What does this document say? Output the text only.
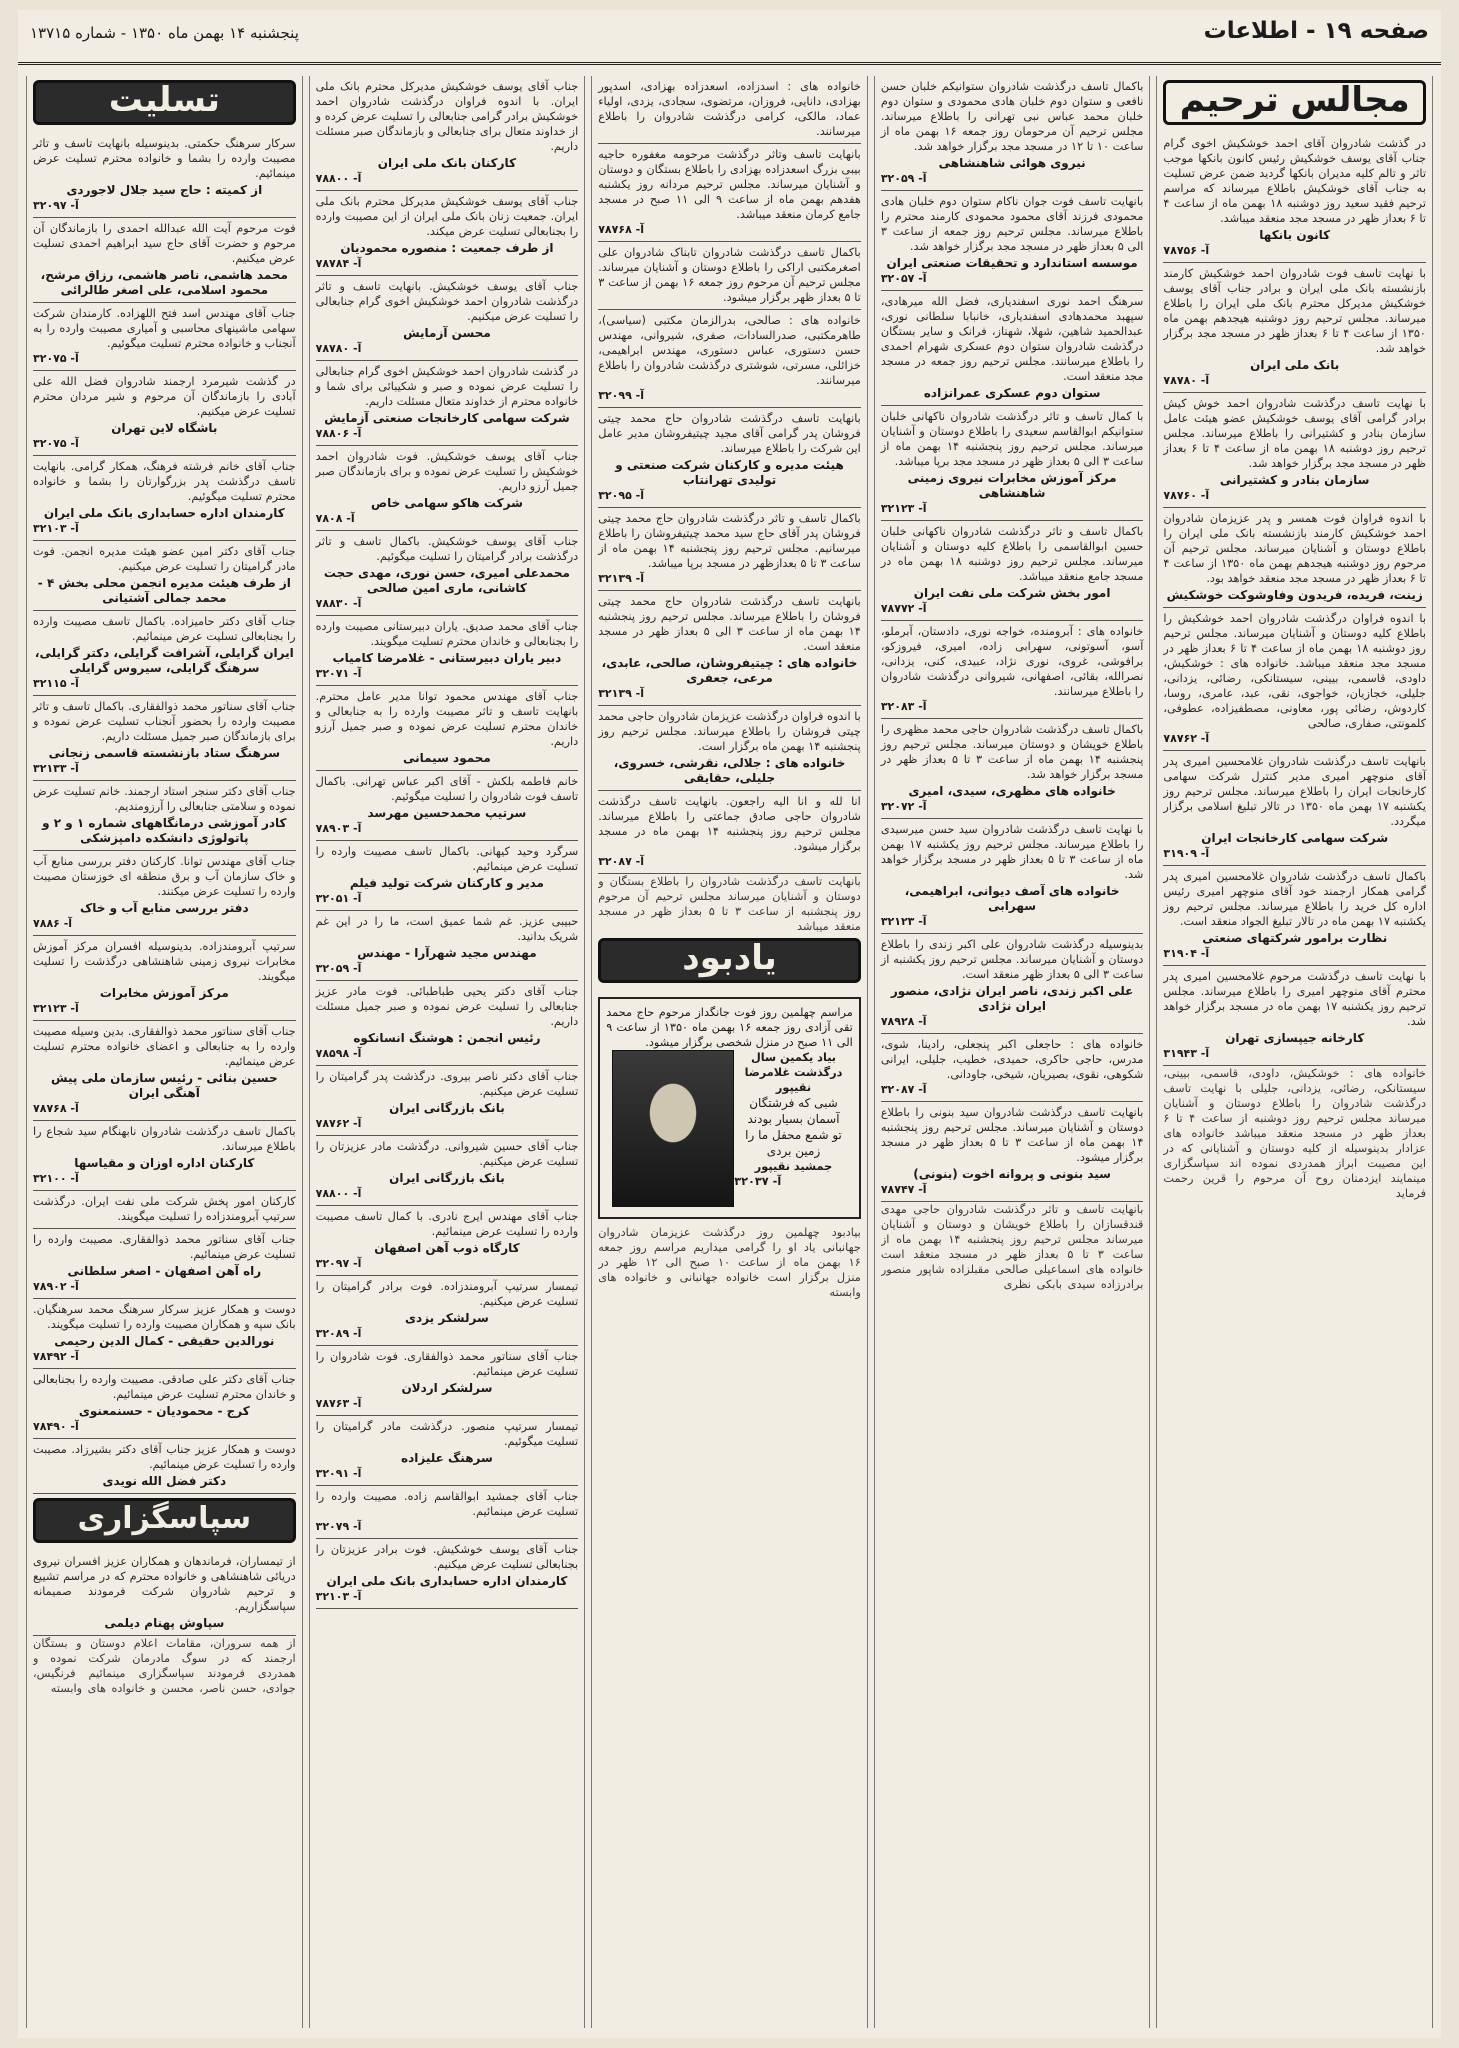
صفحه ۱۹ - اطلاعات
پنجشنبه ۱۴ بهمن ماه ۱۳۵۰ - شماره ۱۳۷۱۵
مجالس ترحیم
در گذشت شادروان آقای احمد خوشکیش اخوی گرام جناب آقای یوسف خوشکیش رئیس کانون بانکها موجب تاثر و تالم کلیه مدیران بانکها گردید ضمن عرض تسلیت به جناب آقای خوشکیش باطلاع میرساند که مراسم ترحیم فقید سعید روز دوشنبه ۱۸ بهمن ماه از ساعت ۴ تا ۶ بعداز ظهر در مسجد مجد منعقد میباشد.
کانون بانکها
۷۸۷۵۶ -آ
با نهایت تاسف فوت شادروان احمد خوشکیش کارمند بازنشسته بانک ملی ایران و برادر جناب آقای یوسف خوشکیش مدیرکل محترم بانک ملی ایران را باطلاع میرساند. مجلس ترحیم روز دوشنبه هیجدهم بهمن ماه ۱۳۵۰ از ساعت ۴ تا ۶ بعداز ظهر در مسجد مجد برگزار خواهد شد.
بانک ملی ایران
۷۸۷۸۰ -آ
با نهایت تاسف درگذشت شادروان احمد خوش کیش برادر گرامی آقای یوسف خوشکیش عضو هیئت عامل سازمان بنادر و کشتیرانی را باطلاع میرساند. مجلس ترحیم روز دوشنبه ۱۸ بهمن ماه از ساعت ۴ تا ۶ بعداز ظهر در مسجد مجد برگزار خواهد شد.
سازمان بنادر و کشتیرانی
۷۸۷۶۰ -آ
با اندوه فراوان فوت همسر و پدر عزیزمان شادروان احمد خوشکیش کارمند بازنشسته بانک ملی ایران را باطلاع دوستان و آشنایان میرساند. مجلس ترحیم آن مرحوم روز دوشنبه هیجدهم بهمن ماه ۱۳۵۰ از ساعت ۴ تا ۶ بعداز ظهر در مسجد مجد منعقد خواهد بود.
زینت، فریده، فریدون وفاوشوکت خوشکیش
با اندوه فراوان درگذشت شادروان احمد خوشکیش را باطلاع کلیه دوستان و آشنایان میرساند. مجلس ترحیم روز دوشنبه ۱۸ بهمن ماه از ساعت ۴ تا ۶ بعداز ظهر در مسجد مجد منعقد میباشد. خانواده های : خوشکیش، داودی، قاسمی، بیینی، سیستانکی، رضائی، یزدانی، جلیلی، خجازیان، خواجوی، نقی، عبد، عامری، روسا، کاردوش، رضائی پور، معاونی، مصطفیزاده، عطوفی، کلمونتی، صفاری، صالحی
۷۸۷۶۲ -آ
بانهایت تاسف درگذشت شادروان غلامحسین امیری پدر آقای منوچهر امیری مدیر کنترل شرکت سهامی کارخانجات ایران را باطلاع میرساند. مجلس ترحیم روز یکشنبه ۱۷ بهمن ماه ۱۳۵۰ در تالار تبلیغ اسلامی برگزار میگردد.
شرکت سهامی کارخانجات ایران
۳۱۹۰۹ -آ
باکمال تاسف درگذشت شادروان غلامحسین امیری پدر گرامی همکار ارجمند خود آقای منوچهر امیری رئیس اداره کل خرید را باطلاع میرساند. مجلس ترحیم روز یکشنبه ۱۷ بهمن ماه در تالار تبلیغ الجواد منعقد است.
نظارت برامور شرکتهای صنعتی
۳۱۹۰۴ -آ
با نهایت تاسف درگذشت مرحوم غلامحسین امیری پدر محترم آقای منوچهر امیری را باطلاع میرساند. مجلس ترحیم روز یکشنبه ۱۷ بهمن ماه در مسجد برگزار خواهد شد.
کارخانه جیپسازی تهران
۳۱۹۴۳ -آ
خانواده های : خوشکیش، داودی، قاسمی، بیینی، سیستانکی، رضائی، یزدانی، جلیلی با نهایت تاسف درگذشت شادروان را باطلاع دوستان و آشنایان میرساند مجلس ترحیم روز دوشنبه از ساعت ۴ تا ۶ بعداز ظهر در مسجد منعقد میباشد خانواده های عزادار بدینوسیله از کلیه دوستان و آشنایانی که در این مصیبت ابراز همدردی نموده اند سپاسگزاری مینمایند ایزدمنان روح آن مرحوم را قرین رحمت فرماید
باکمال تاسف درگذشت شادروان ستوانیکم خلبان حسن نافعی و ستوان دوم خلبان هادی محمودی و ستوان دوم خلبان محمد عباس نبی تهرانی را باطلاع میرساند. مجلس ترحیم آن مرحومان روز جمعه ۱۶ بهمن ماه از ساعت ۱۰ تا ۱۲ در مسجد مجد برگزار خواهد شد.
نیروی هوائی شاهنشاهی
۳۲۰۵۹ -آ
بانهایت تاسف فوت جوان ناکام ستوان دوم خلبان هادی محمودی فرزند آقای محمود محمودی کارمند محترم را باطلاع میرساند. مجلس ترحیم روز جمعه از ساعت ۳ الی ۵ بعداز ظهر در مسجد مجد برگزار خواهد شد.
موسسه استاندارد و تحقیقات صنعتی ایران
۳۲۰۵۷ -آ
سرهنگ احمد نوری اسفندیاری، فضل الله میرهادی، سپهبد محمدهادی اسفندیاری، خانبابا سلطانی نوری، عبدالحمید شاهین، شهلا، شهناز، فرانک و سایر بستگان درگذشت شادروان ستوان دوم عسکری شهرام احمدی را باطلاع میرسانند. مجلس ترحیم روز جمعه در مسجد مجد منعقد است.
ستوان دوم عسکری عمرانزاده
با کمال تاسف و تاثر درگذشت شادروان ناکهانی خلبان ستوانیکم ابوالقاسم سعیدی را باطلاع دوستان و آشنایان میرساند. مجلس ترحیم روز پنجشنبه ۱۴ بهمن ماه از ساعت ۳ الی ۵ بعداز ظهر در مسجد مجد برپا میباشد.
مرکز آموزش مخابرات نیروی زمینی شاهنشاهی
۳۲۱۲۳ -آ
باکمال تاسف و تاثر درگذشت شادروان ناکهانی خلبان حسین ابوالقاسمی را باطلاع کلیه دوستان و آشنایان میرساند. مجلس ترحیم روز دوشنبه ۱۸ بهمن ماه در مسجد جامع منعقد میباشد.
امور بخش شرکت ملی نفت ایران
۷۸۷۷۲ -آ
خانواده های : آبرومنده، خواجه نوری، دادستان، آبرملو، آسو، آسوتونی، سهرابی زاده، امیری، فیروزکو، برافوشی، غروی، نوری نژاد، عبیدی، کنی، یزدانی، نصرالله، بقائی، اصفهانی، شیروانی درگذشت شادروان را باطلاع میرسانند.
۳۲۰۸۳ -آ
باکمال تاسف درگذشت شادروان حاجی محمد مظهری را باطلاع خویشان و دوستان میرساند. مجلس ترحیم روز پنجشنبه ۱۴ بهمن ماه از ساعت ۳ تا ۵ بعداز ظهر در مسجد برگزار خواهد شد.
خانواده های مظهری، سیدی، امیری
۳۲۰۷۲ -آ
با نهایت تاسف درگذشت شادروان سید حسن میرسیدی را باطلاع میرساند. مجلس ترحیم روز یکشنبه ۱۷ بهمن ماه از ساعت ۳ تا ۵ بعداز ظهر در مسجد برگزار خواهد شد.
خانواده های آصف دیوانی، ابراهیمی، سهرابی
۳۲۱۲۳ -آ
بدینوسیله درگذشت شادروان علی اکبر زندی را باطلاع دوستان و آشنایان میرساند. مجلس ترحیم روز یکشنبه از ساعت ۳ الی ۵ بعداز ظهر منعقد است.
علی اکبر زندی، ناصر ایران نژادی، منصور ایران نژادی
۷۸۹۲۸ -آ
خانواده های : حاجعلی اکبر پنجعلی، رادینا، شوی، مدرس، حاجی حاکری، حمیدی، خطیب، جلیلی، ایرانی شکوهی، نقوی، بصیریان، شیخی، جاودانی.
۳۲۰۸۷ -آ
بانهایت تاسف درگذشت شادروان سید بنونی را باطلاع دوستان و آشنایان میرساند. مجلس ترحیم روز پنجشنبه ۱۴ بهمن ماه از ساعت ۳ تا ۵ بعداز ظهر در مسجد برگزار میشود.
سید بنونی و پروانه اخوت (بنونی)
۷۸۷۴۷ -آ
بانهایت تاسف و تاثر درگذشت شادروان حاجی مهدی قندقسازان را باطلاع خویشان و دوستان و آشنایان میرساند مجلس ترحیم روز پنجشنبه ۱۴ بهمن ماه از ساعت ۳ تا ۵ بعداز ظهر در مسجد منعقد است خانواده های اسماعیلی صالحی مقبلزاده شاپور منصور برادرزاده سیدی بابکی نظری
خانواده های : اسدزاده، اسعدزاده بهزادی، اسدپور بهزادی، دانایی، فروزان، مرتضوی، سجادی، یزدی، اولیاء عماد، مالکی، کرامی درگذشت شادروان را باطلاع میرسانند.
بانهایت تاسف وتاثر درگذشت مرحومه مغفوره حاجیه بیبی بزرگ اسعدزاده بهزادی را باطلاع بستگان و دوستان و آشنایان میرساند. مجلس ترحیم مردانه روز یکشنبه هفدهم بهمن ماه از ساعت ۹ الی ۱۱ صبح در مسجد جامع کرمان منعقد میباشد.
۷۸۷۶۸ -آ
باکمال تاسف درگذشت شادروان تابناک شادروان علی اصغرمکتبی اراکی را باطلاع دوستان و آشنایان میرساند. مجلس ترحیم آن مرحوم روز جمعه ۱۶ بهمن از ساعت ۳ تا ۵ بعداز ظهر برگزار میشود.
خانواده های : صالحی، بدرالزمان مکتبی (سیاسی)، طاهرمکتبی، صدرالسادات، صفری، شیروانی، مهندس حسن دستوری، عباس دستوری، مهندس ابراهیمی، خزائلی، مسرتی، شوشتری درگذشت شادروان را باطلاع میرسانند.
۳۲۰۹۹ -آ
بانهایت تاسف درگذشت شادروان حاج محمد چیتی فروشان پدر گرامی آقای مجید چیتیفروشان مدیر عامل این شرکت را باطلاع میرساند.
هیئت مدیره و کارکنان شرکت صنعتی و تولیدی تهرانتاب
۳۲۰۹۵ -آ
باکمال تاسف و تاثر درگذشت شادروان حاج محمد چیتی فروشان پدر آقای حاج سید محمد چیتیفروشان را باطلاع میرسانیم. مجلس ترحیم روز پنجشنبه ۱۴ بهمن ماه از ساعت ۳ تا ۵ بعدازظهر در مسجد برپا میباشد.
۳۲۱۳۹ -آ
بانهایت تاسف درگذشت شادروان حاج محمد چیتی فروشان را باطلاع میرساند. مجلس ترحیم روز پنجشنبه ۱۴ بهمن ماه از ساعت ۳ الی ۵ بعداز ظهر در مسجد منعقد است.
خانواده های : چیتیفروشان، صالحی، عابدی، مرعی، جعفری
۳۲۱۳۹ -آ
با اندوه فراوان درگذشت عزیزمان شادروان حاجی محمد چیتی فروشان را باطلاع میرساند. مجلس ترحیم روز پنجشنبه ۱۴ بهمن ماه برگزار است.
خانواده های : جلالی، نقرشی، خسروی، جلیلی، حقایقی
انا لله و انا الیه راجعون. بانهایت تاسف درگذشت شادروان حاجی صادق جماعتی را باطلاع میرساند. مجلس ترحیم روز پنجشنبه ۱۴ بهمن ماه در مسجد برگزار میشود.
۳۲۰۸۷ -آ
بانهایت تاسف درگذشت شادروان را باطلاع بستگان و دوستان و آشنایان میرساند مجلس ترحیم آن مرحوم روز پنجشنبه از ساعت ۳ تا ۵ بعداز ظهر در مسجد منعقد میباشد
یادبود
مراسم چهلمین روز فوت جانگداز مرحوم حاج محمد تقی آزادی روز جمعه ۱۶ بهمن ماه ۱۳۵۰ از ساعت ۹ الی ۱۱ صبح در منزل شخصی برگزار میشود.
بیاد یکمین سال درگذشت غلامرضا نقیپور
شبی که فرشتگان آسمان بسیار بودند
تو شمع محفل ما را زمین بردی
جمشید نقیپور
۳۲۰۳۷ -آ
بیادبود چهلمین روز درگذشت عزیزمان شادروان جهانبانی یاد او را گرامی میداریم مراسم روز جمعه ۱۶ بهمن ماه از ساعت ۱۰ صبح الی ۱۲ ظهر در منزل برگزار است خانواده جهانبانی و خانواده های وابسته
جناب آقای یوسف خوشکیش مدیرکل محترم بانک ملی ایران. با اندوه فراوان درگذشت شادروان احمد خوشکیش برادر گرامی جنابعالی را تسلیت عرض کرده و از خداوند متعال برای جنابعالی و بازماندگان صبر مسئلت داریم.
کارکنان بانک ملی ایران
۷۸۸۰۰ -آ
جناب آقای یوسف خوشکیش مدیرکل محترم بانک ملی ایران. جمعیت زنان بانک ملی ایران از این مصیبت وارده را بجنابعالی تسلیت عرض میکند.
از طرف جمعیت : منصوره محمودیان
۷۸۷۸۴ -آ
جناب آقای یوسف خوشکیش. بانهایت تاسف و تاثر درگذشت شادروان احمد خوشکیش اخوی گرام جنابعالی را تسلیت عرض میکنیم.
محسن آزمایش
۷۸۷۸۰ -آ
در گذشت شادروان احمد خوشکیش اخوی گرام جنابعالی را تسلیت عرض نموده و صبر و شکیبائی برای شما و خانواده محترم از خداوند متعال مسئلت داریم.
شرکت سهامی کارخانجات صنعتی آزمایش
۷۸۸۰۶ -آ
جناب آقای یوسف خوشکیش. فوت شادروان احمد خوشکیش را تسلیت عرض نموده و برای بازماندگان صبر جمیل آرزو داریم.
شرکت هاکو سهامی خاص
۷۸۰۸ -آ
جناب آقای یوسف خوشکیش. باکمال تاسف و تاثر درگذشت برادر گرامیتان را تسلیت میگوئیم.
محمدعلی امیری، حسن نوری، مهدی حجت کاشانی، ماری امین صالحی
۷۸۸۳۰ -آ
جناب آقای محمد صدیق. یاران دبیرستانی مصیبت وارده را بجنابعالی و خاندان محترم تسلیت میگویند.
دبیر یاران دبیرستانی - غلامرضا کامیاب
۳۲۰۷۱ -آ
جناب آقای مهندس محمود توانا مدیر عامل محترم. بانهایت تاسف و تاثر مصیبت وارده را به جنابعالی و خاندان محترم تسلیت عرض نموده و صبر جمیل آرزو داریم.
محمود سیمانی
خانم فاطمه بلکش - آقای اکبر عباس تهرانی. باکمال تاسف فوت شادروان را تسلیت میگوئیم.
سرتیپ محمدحسین مهرسد
۷۸۹۰۳ -آ
سرگرد وحید کیهانی. باکمال تاسف مصیبت وارده را تسلیت عرض مینمائیم.
مدیر و کارکنان شرکت تولید فیلم
۳۲۰۵۱ -آ
حبیبی عزیز. غم شما عمیق است، ما را در این غم شریک بدانید.
مهندس مجید شهرآرا - مهندس
۳۲۰۵۹ -آ
جناب آقای دکتر یحیی طباطبائی. فوت مادر عزیز جنابعالی را تسلیت عرض نموده و صبر جمیل مسئلت داریم.
رئیس انجمن : هوشنگ انسانکوه
۷۸۵۹۸ -آ
جناب آقای دکتر ناصر بیروی. درگذشت پدر گرامیتان را تسلیت عرض میکنیم.
بانک بازرگانی ایران
۷۸۷۶۲ -آ
جناب آقای حسین شیروانی. درگذشت مادر عزیزتان را تسلیت عرض میکنیم.
بانک بازرگانی ایران
۷۸۸۰۰ -آ
جناب آقای مهندس ایرج نادری. با کمال تاسف مصیبت وارده را تسلیت عرض مینمائیم.
کارگاه ذوب آهن اصفهان
۳۲۰۹۷ -آ
تیمسار سرتیپ آبرومندزاده. فوت برادر گرامیتان را تسلیت عرض میکنیم.
سرلشکر یزدی
۳۲۰۸۹ -آ
جناب آقای سناتور محمد ذوالفقاری. فوت شادروان را تسلیت عرض مینمائیم.
سرلشکر اردلان
۷۸۷۶۳ -آ
تیمسار سرتیپ منصور. درگذشت مادر گرامیتان را تسلیت میگوئیم.
سرهنگ علیزاده
۳۲۰۹۱ -آ
جناب آقای جمشید ابوالقاسم زاده. مصیبت وارده را تسلیت عرض مینمائیم.
۳۲۰۷۹ -آ
جناب آقای یوسف خوشکیش. فوت برادر عزیزتان را بجنابعالی تسلیت عرض میکنیم.
کارمندان اداره حسابداری بانک ملی ایران
۳۲۱۰۳ -آ
تسلیت
سرکار سرهنگ حکمتی. بدینوسیله بانهایت تاسف و تاثر مصیبت وارده را بشما و خانواده محترم تسلیت عرض مینمائیم.
از کمیته : حاج سید جلال لاجوردی
۳۲۰۹۷ -آ
فوت مرحوم آیت الله عبدالله احمدی را بازماندگان آن مرحوم و حضرت آقای حاج سید ابراهیم احمدی تسلیت عرض میکنیم.
محمد هاشمی، ناصر هاشمی، رزاق مرشح، محمود اسلامی، علی اصغر طالرائی
جناب آقای مهندس اسد فتح اللهزاده. کارمندان شرکت سهامی ماشینهای محاسبی و آمیاری مصیبت وارده را به آنجناب و خانواده محترم تسلیت میگوئیم.
۳۲۰۷۵ -آ
در گذشت شیرمرد ارجمند شادروان فضل الله علی آبادی را بازماندگان آن مرحوم و شیر مردان محترم تسلیت عرض میکنیم.
باشگاه لاین تهران
۳۲۰۷۵ -آ
جناب آقای خانم فرشته فرهنگ، همکار گرامی. بانهایت تاسف درگذشت پدر بزرگوارتان را بشما و خانواده محترم تسلیت میگوئیم.
کارمندان اداره حسابداری بانک ملی ایران
۳۲۱۰۳ -آ
جناب آقای دکتر امین عضو هیئت مدیره انجمن. فوت مادر گرامیتان را تسلیت عرض میکنیم.
از طرف هیئت مدیره انجمن محلی بخش ۴ - محمد جمالی آشتیانی
جناب آقای دکتر حامیزاده. باکمال تاسف مصیبت وارده را بجنابعالی تسلیت عرض مینمائیم.
ایران گرایلی، آشرافت گرایلی، دکتر گرایلی، سرهنگ گرایلی، سیروس گرایلی
۳۲۱۱۵ -آ
جناب آقای سناتور محمد ذوالفقاری. باکمال تاسف و تاثر مصیبت وارده را بحضور آنجناب تسلیت عرض نموده و برای بازماندگان صبر جمیل مسئلت داریم.
سرهنگ ستاد بازنشسته قاسمی زنجانی
۳۲۱۳۳ -آ
جناب آقای دکتر سنجر استاد ارجمند. خانم تسلیت عرض نموده و سلامتی جنابعالی را آرزومندیم.
کادر آموزشی درمانگاههای شماره ۱ و ۲ و پاتولوژی دانشکده دامپزشکی
جناب آقای مهندس توانا. کارکنان دفتر بررسی منابع آب و خاک سازمان آب و برق منطقه ای خوزستان مصیبت وارده را تسلیت عرض میکنند.
دفتر بررسی منابع آب و خاک
۷۸۸۶ -آ
سرتیپ آبرومندزاده. بدینوسیله افسران مرکز آموزش مخابرات نیروی زمینی شاهنشاهی درگذشت را تسلیت میگویند.
مرکز آموزش مخابرات
۳۲۱۲۳ -آ
جناب آقای سناتور محمد ذوالفقاری. بدین وسیله مصیبت وارده را به جنابعالی و اعضای خانواده محترم تسلیت عرض مینمائیم.
حسین بنائی - رئیس سازمان ملی پیش آهنگی ایران
۷۸۷۶۸ -آ
باکمال تاسف درگذشت شادروان نابهنگام سید شجاع را باطلاع میرساند.
کارکنان اداره اوزان و مقیاسها
۳۲۱۰۰ -آ
کارکنان امور پخش شرکت ملی نفت ایران. درگذشت سرتیپ آبرومندزاده را تسلیت میگویند.
جناب آقای سناتور محمد ذوالفقاری. مصیبت وارده را تسلیت عرض مینمائیم.
راه آهن اصفهان - اصغر سلطانی
۷۸۹۰۲ -آ
دوست و همکار عزیز سرکار سرهنگ محمد سرهنگیان. بانک سپه و همکاران مصیبت وارده را تسلیت میگویند.
نورالدین حقیقی - کمال الدین رحیمی
۷۸۴۹۲ -آ
جناب آقای دکتر علی صادقی. مصیبت وارده را بجنابعالی و خاندان محترم تسلیت عرض مینمائیم.
کرج - محمودیان - حسنمعنوی
۷۸۴۹۰ -آ
دوست و همکار عزیز جناب آقای دکتر بشیرزاد. مصیبت وارده را تسلیت عرض مینمائیم.
دکتر فضل الله نویدی
سپاسگزاری
از تیمساران، فرماندهان و همکاران عزیز افسران نیروی دریائی شاهنشاهی و خانواده محترم که در مراسم تشییع و ترحیم شادروان شرکت فرمودند صمیمانه سپاسگزاریم.
سپاوش پهنام دیلمی
از همه سروران، مقامات اعلام دوستان و بستگان ارجمند که در سوگ مادرمان شرکت نموده و همدردی فرمودند سپاسگزاری مینمائیم فرنگیس، جوادی، حسن ناصر، محسن و خانواده های وابسته
